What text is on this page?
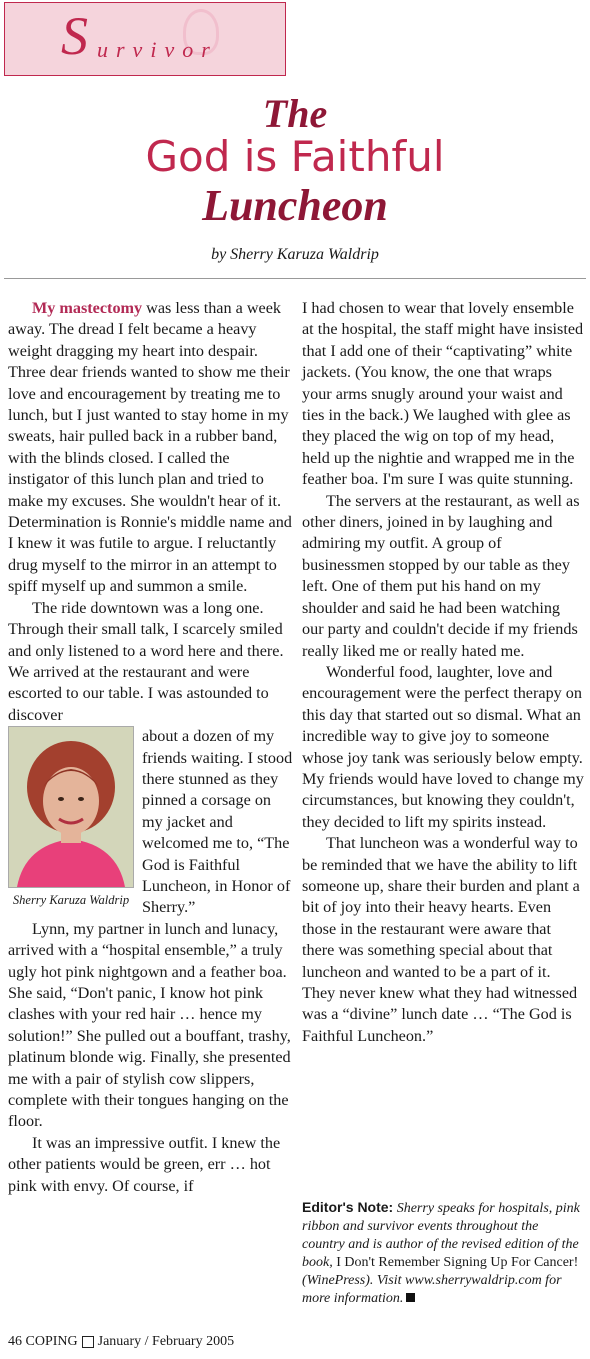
S urvivor
The
God is Faithful
Luncheon
by Sherry Karuza Waldrip

My mastectomy was less than a week away. The dread I felt became a heavy weight dragging my heart into despair. Three dear friends wanted to show me their love and encouragement by treating me to lunch, but I just wanted to stay home in my sweats, hair pulled back in a rubber band, with the blinds closed. I called the instigator of this lunch plan and tried to make my excuses. She wouldn't hear of it. Determination is Ronnie's middle name and I knew it was futile to argue. I reluctantly drug myself to the mirror in an attempt to spiff myself up and summon a smile.

The ride downtown was a long one. Through their small talk, I scarcely smiled and only listened to a word here and there. We arrived at the restaurant and were escorted to our table. I was astounded to discover

Sherry Karuza Waldrip
about a dozen of my friends waiting. I stood there stunned as they pinned a corsage on my jacket and welcomed me to, “The God is Faithful Luncheon, in Honor of Sherry.”

Lynn, my partner in lunch and lunacy, arrived with a “hospital ensemble,” a truly ugly hot pink nightgown and a feather boa. She said, “Don't panic, I know hot pink clashes with your red hair … hence my solution!” She pulled out a bouffant, trashy, platinum blonde wig. Finally, she presented me with a pair of stylish cow slippers, complete with their tongues hanging on the floor.

It was an impressive outfit. I knew the other patients would be green, err … hot pink with envy. Of course, if

I had chosen to wear that lovely ensemble at the hospital, the staff might have insisted that I add one of their “captivating” white jackets. (You know, the one that wraps your arms snugly around your waist and ties in the back.) We laughed with glee as they placed the wig on top of my head, held up the nightie and wrapped me in the feather boa. I'm sure I was quite stunning.

The servers at the restaurant, as well as other diners, joined in by laughing and admiring my outfit. A group of businessmen stopped by our table as they left. One of them put his hand on my shoulder and said he had been watching our party and couldn't decide if my friends really liked me or really hated me.

Wonderful food, laughter, love and encouragement were the perfect therapy on this day that started out so dismal. What an incredible way to give joy to someone whose joy tank was seriously below empty. My friends would have loved to change my circumstances, but knowing they couldn't, they decided to lift my spirits instead.

That luncheon was a wonderful way to be reminded that we have the ability to lift someone up, share their burden and plant a bit of joy into their heavy hearts. Even those in the restaurant were aware that there was something special about that luncheon and wanted to be a part of it. They never knew what they had witnessed was a “divine” lunch date … “The God is Faithful Luncheon.”

Editor's Note: Sherry speaks for hospitals, pink ribbon and survivor events throughout the country and is author of the revised edition of the book, I Don't Remember Signing Up For Cancer! (WinePress). Visit www.sherrywaldrip.com for more information.
46 COPING January / February 2005
